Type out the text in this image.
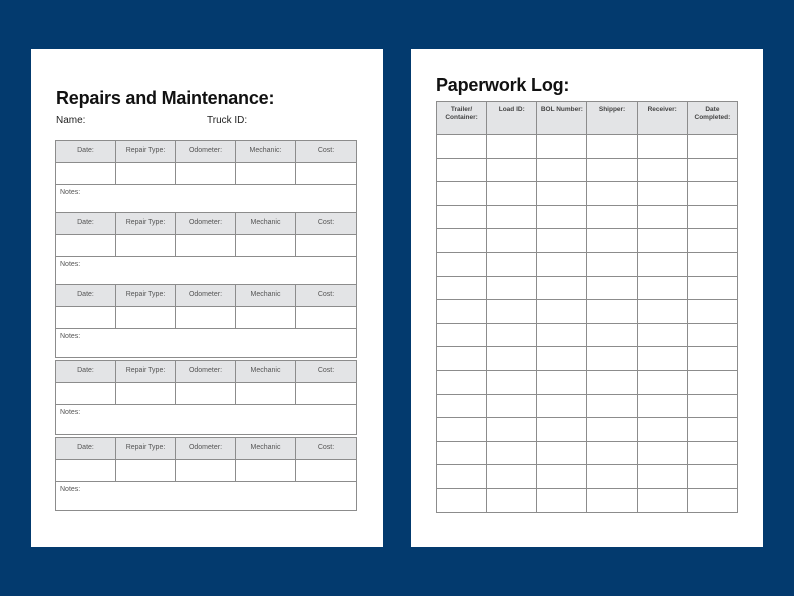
Repairs and Maintenance:
Name:	Truck ID:
Date:	Repair Type:	Odometer:	Mechanic:	Cost:
Notes:
Date:	Repair Type:	Odometer:	Mechanic	Cost:
Notes:
Date:	Repair Type:	Odometer:	Mechanic	Cost:
Notes:
Date:	Repair Type:	Odometer:	Mechanic	Cost:
Notes:
Date:	Repair Type:	Odometer:	Mechanic	Cost:
Notes:
Paperwork Log:
Trailer/ Container:	Load ID:	BOL Number:	Shipper:	Receiver:	Date Completed:
